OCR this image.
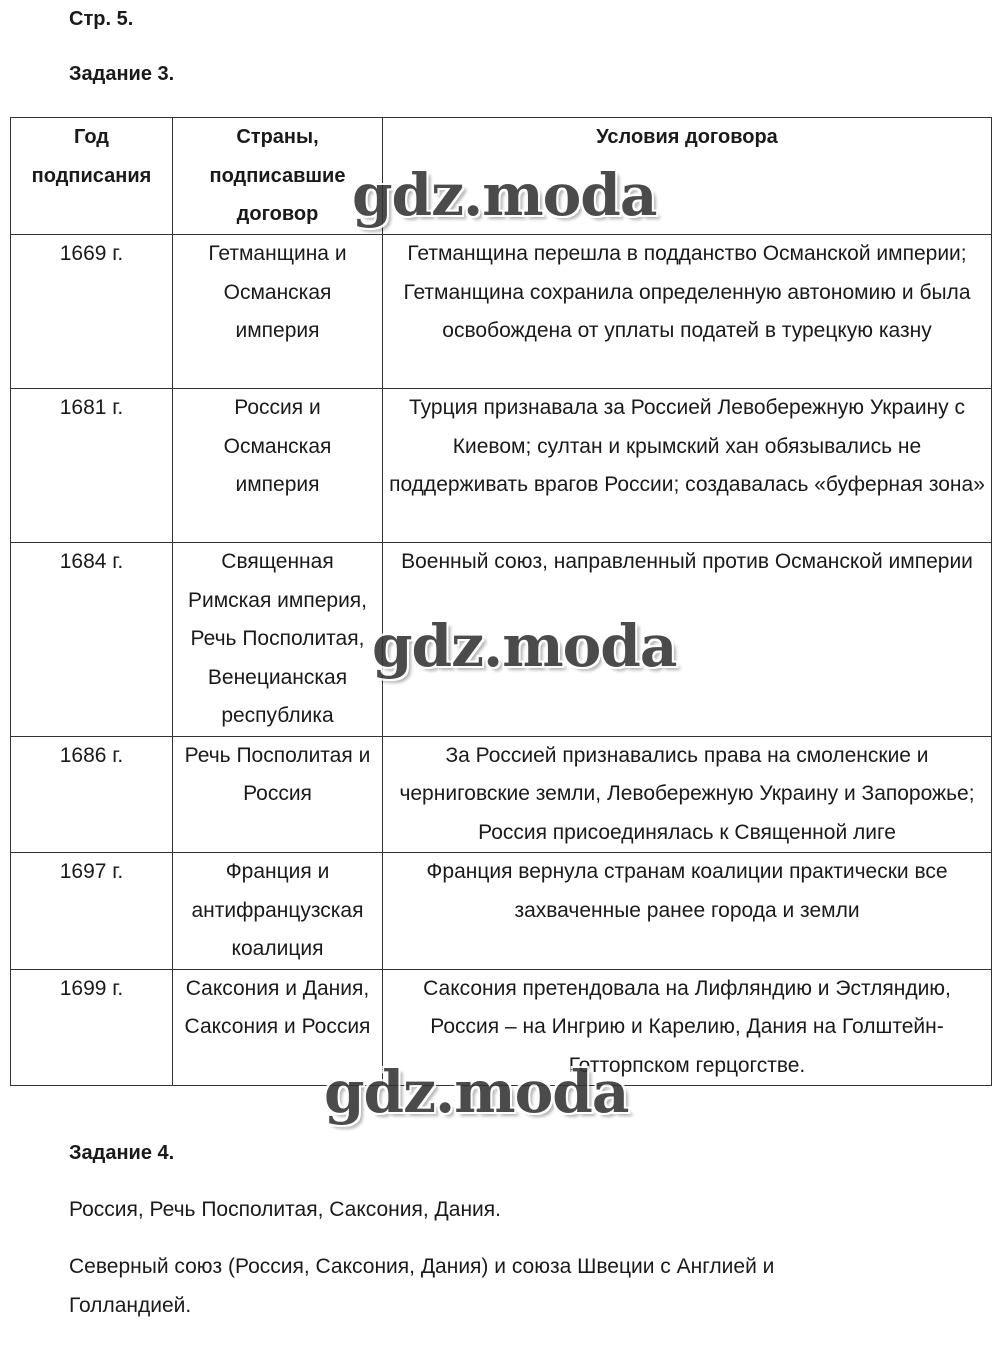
Стр. 5.
Задание 3.
Год подписания	Страны, подписавшие договор	Условия договора
1669 г.	Гетманщина и Османская империя	Гетманщина перешла в подданство Османской империи; Гетманщина сохранила определенную автономию и была освобождена от уплаты податей в турецкую казну
1681 г.	Россия и Османская империя	Турция признавала за Россией Левобережную Украину с Киевом; султан и крымский хан обязывались не поддерживать врагов России; создавалась «буферная зона»
1684 г.	Священная Римская империя, Речь Посполитая, Венецианская республика	Военный союз, направленный против Османской империи
1686 г.	Речь Посполитая и Россия	За Россией признавались права на смоленские и черниговские земли, Левобережную Украину и Запорожье; Россия присоединялась к Священной лиге
1697 г.	Франция и антифранцузская коалиция	Франция вернула странам коалиции практически все захваченные ранее города и земли
1699 г.	Саксония и Дания, Саксония и Россия	Саксония претендовала на Лифляндию и Эстляндию, Россия – на Ингрию и Карелию, Дания на Голштейн-Готторпском герцогстве.
Задание 4.

Россия, Речь Посполитая, Саксония, Дания.

Северный союз (Россия, Саксония, Дания) и союза Швеции с Англией и Голландией.

gdz.moda
gdz.moda
gdz.moda
